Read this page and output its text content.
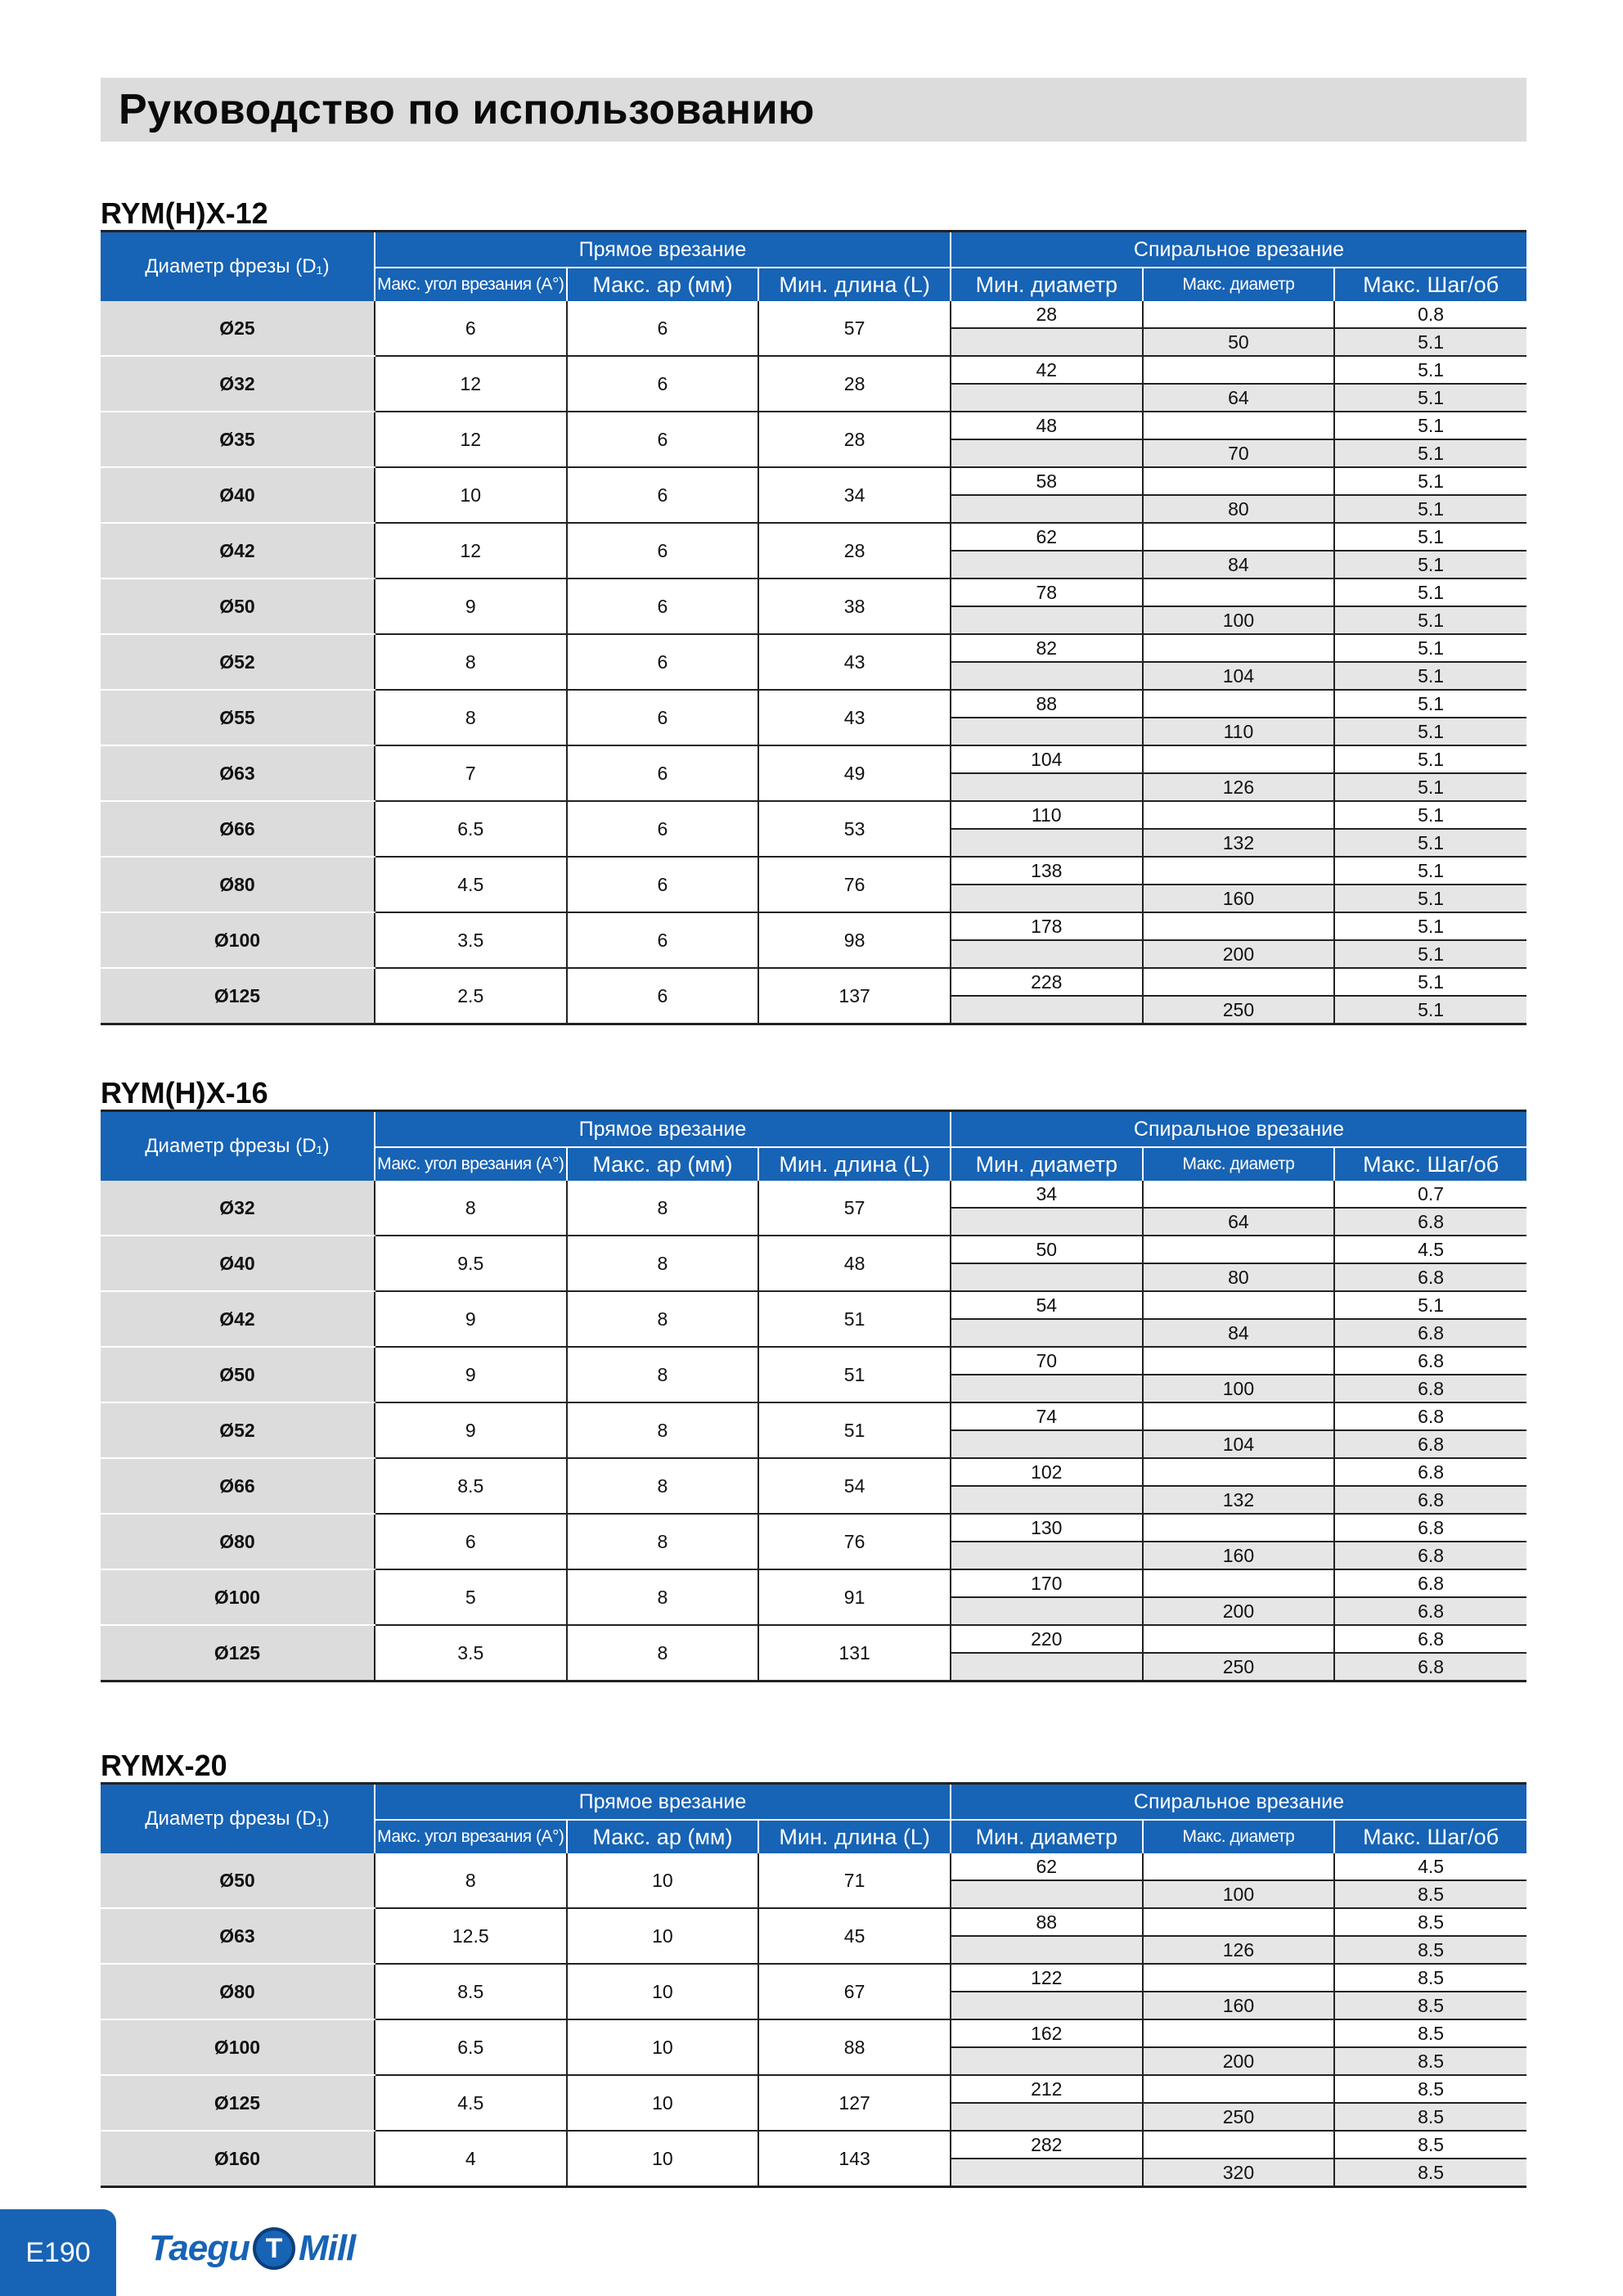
Руководство по использованию
RYM(H)X-12
Диаметр фрезы (D₁)	Прямое врезание			Спиральное врезание		
	Макс. угол врезания (A°)	Макс. ap (мм)	Мин. длина (L)	Мин. диаметр	Макс. диаметр	Макс. Шаг/об
Ø25	6	6	57	28		0.8
					50	5.1
Ø32	12	6	28	42		5.1
					64	5.1
Ø35	12	6	28	48		5.1
					70	5.1
Ø40	10	6	34	58		5.1
					80	5.1
Ø42	12	6	28	62		5.1
					84	5.1
Ø50	9	6	38	78		5.1
					100	5.1
Ø52	8	6	43	82		5.1
					104	5.1
Ø55	8	6	43	88		5.1
					110	5.1
Ø63	7	6	49	104		5.1
					126	5.1
Ø66	6.5	6	53	110		5.1
					132	5.1
Ø80	4.5	6	76	138		5.1
					160	5.1
Ø100	3.5	6	98	178		5.1
					200	5.1
Ø125	2.5	6	137	228		5.1
					250	5.1
RYM(H)X-16
Диаметр фрезы (D₁)	Прямое врезание			Спиральное врезание		
	Макс. угол врезания (A°)	Макс. ap (мм)	Мин. длина (L)	Мин. диаметр	Макс. диаметр	Макс. Шаг/об
Ø32	8	8	57	34		0.7
					64	6.8
Ø40	9.5	8	48	50		4.5
					80	6.8
Ø42	9	8	51	54		5.1
					84	6.8
Ø50	9	8	51	70		6.8
					100	6.8
Ø52	9	8	51	74		6.8
					104	6.8
Ø66	8.5	8	54	102		6.8
					132	6.8
Ø80	6	8	76	130		6.8
					160	6.8
Ø100	5	8	91	170		6.8
					200	6.8
Ø125	3.5	8	131	220		6.8
					250	6.8
RYMX-20
Диаметр фрезы (D₁)	Прямое врезание			Спиральное врезание		
	Макс. угол врезания (A°)	Макс. ap (мм)	Мин. длина (L)	Мин. диаметр	Макс. диаметр	Макс. Шаг/об
Ø50	8	10	71	62		4.5
					100	8.5
Ø63	12.5	10	45	88		8.5
					126	8.5
Ø80	8.5	10	67	122		8.5
					160	8.5
Ø100	6.5	10	88	162		8.5
					200	8.5
Ø125	4.5	10	127	212		8.5
					250	8.5
Ø160	4	10	143	282		8.5
					320	8.5
E190 Taegu T Mill
